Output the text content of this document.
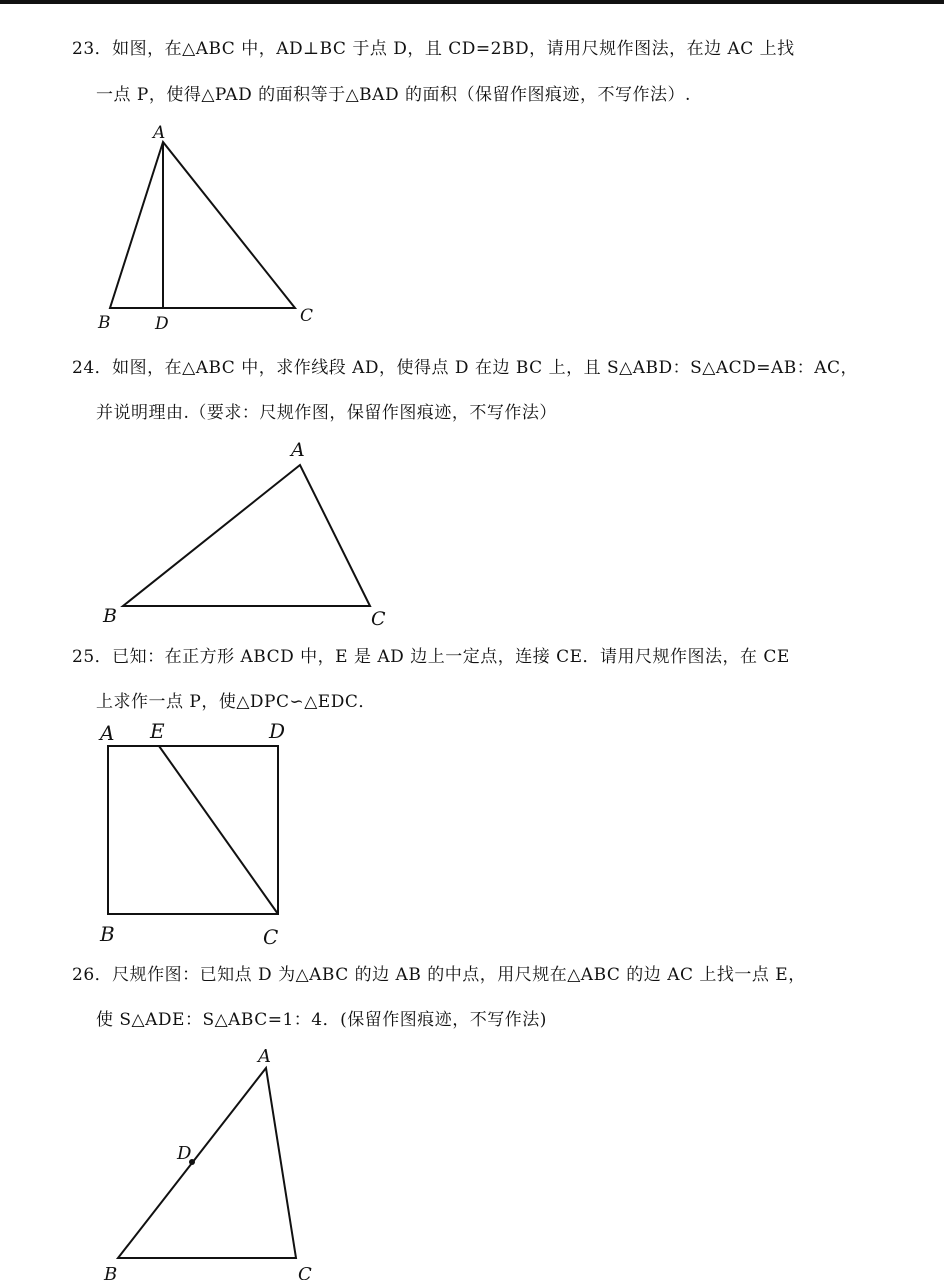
23．如图，在△ABC 中，AD⊥BC 于点 D，且 CD=2BD，请用尺规作图法，在边 AC 上找
一点 P，使得△PAD 的面积等于△BAD 的面积（保留作图痕迹，不写作法）.
A
B	D	C
24．如图，在△ABC 中，求作线段 AD，使得点 D 在边 BC 上，且 S△ABD：S△ACD=AB：AC，
并说明理由.（要求：尺规作图，保留作图痕迹，不写作法）
A
B	C
25．已知：在正方形 ABCD 中，E 是 AD 边上一定点，连接 CE．请用尺规作图法，在 CE
上求作一点 P，使△DPC∽△EDC．
A E	D
B	C
26．尺规作图：已知点 D 为△ABC 的边 AB 的中点，用尺规在△ABC 的边 AC 上找一点 E，
使 S△ADE：S△ABC=1：4．(保留作图痕迹，不写作法)
A
D
B	C
